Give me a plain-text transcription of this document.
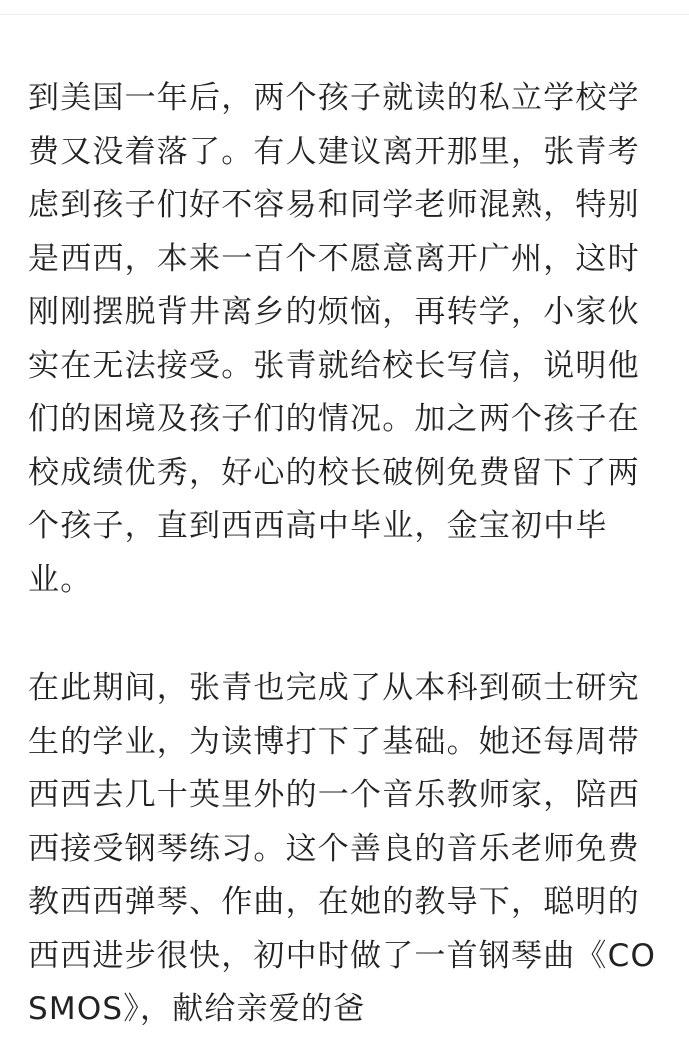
到美国一年后，两个孩子就读的私立学校学费又没着落了。有人建议离开那里，张青考虑到孩子们好不容易和同学老师混熟，特别是西西，本来一百个不愿意离开广州，这时刚刚摆脱背井离乡的烦恼，再转学，小家伙实在无法接受。张青就给校长写信，说明他们的困境及孩子们的情况。加之两个孩子在校成绩优秀，好心的校长破例免费留下了两个孩子，直到西西高中毕业，金宝初中毕业。

在此期间，张青也完成了从本科到硕士研究生的学业，为读博打下了基础。她还每周带西西去几十英里外的一个音乐教师家，陪西西接受钢琴练习。这个善良的音乐老师免费教西西弹琴、作曲，在她的教导下，聪明的西西进步很快，初中时做了一首钢琴曲《COSMOS》，献给亲爱的爸
